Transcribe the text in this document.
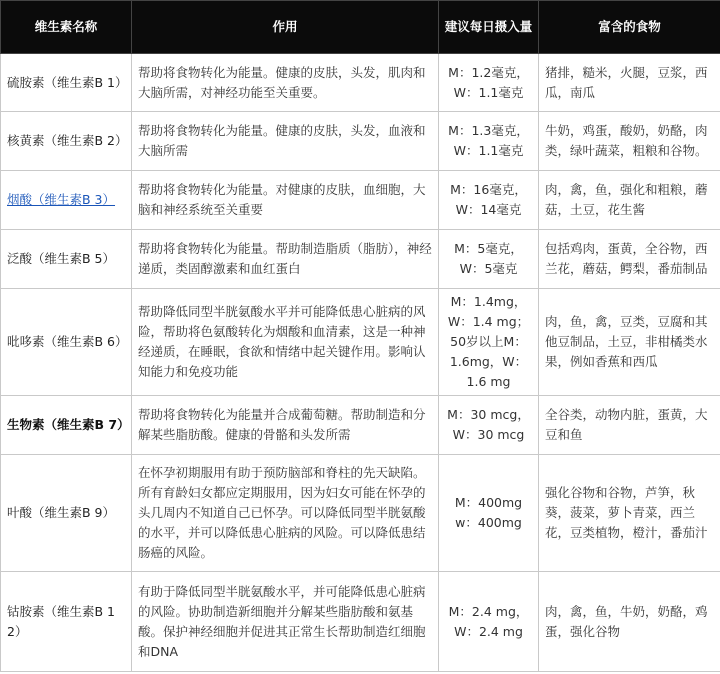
维生素名称	作用	建议每日摄入量	富含的食物
硫胺素（维生素B 1）	帮助将食物转化为能量。健康的皮肤，头发，肌肉和大脑所需，对神经功能至关重要。	M：1.2毫克，W：1.1毫克	猪排，糙米，火腿，豆浆，西瓜，南瓜
核黄素（维生素B 2）	帮助将食物转化为能量。健康的皮肤，头发，血液和大脑所需	M：1.3毫克，W：1.1毫克	牛奶，鸡蛋，酸奶，奶酪，肉类，绿叶蔬菜，粗粮和谷物。
烟酸（维生素B 3）	帮助将食物转化为能量。对健康的皮肤，血细胞，大脑和神经系统至关重要	M：16毫克，W：14毫克	肉，禽，鱼，强化和粗粮，蘑菇，土豆，花生酱
泛酸（维生素B 5）	帮助将食物转化为能量。帮助制造脂质（脂肪），神经递质，类固醇激素和血红蛋白	M：5毫克，W：5毫克	包括鸡肉，蛋黄，全谷物，西兰花，蘑菇，鳄梨，番茄制品
吡哆素（维生素B 6）	帮助降低同型半胱氨酸水平并可能降低患心脏病的风险，帮助将色氨酸转化为烟酸和血清素，这是一种神经递质，在睡眠，食欲和情绪中起关键作用。影响认知能力和免疫功能	M：1.4mg，W：1.4 mg；50岁以上M：1.6mg，W：1.6 mg	肉，鱼，禽，豆类，豆腐和其他豆制品，土豆，非柑橘类水果，例如香蕉和西瓜
生物素（维生素B 7）	帮助将食物转化为能量并合成葡萄糖。帮助制造和分解某些脂肪酸。健康的骨骼和头发所需	M：30 mcg，W：30 mcg	全谷类，动物内脏，蛋黄，大豆和鱼
叶酸（维生素B 9）	在怀孕初期服用有助于预防脑部和脊柱的先天缺陷。所有育龄妇女都应定期服用，因为妇女可能在怀孕的头几周内不知道自己已怀孕。可以降低同型半胱氨酸的水平，并可以降低患心脏病的风险。可以降低患结肠癌的风险。	M：400mg w：400mg	强化谷物和谷物，芦笋，秋葵，菠菜，萝卜青菜，西兰花，豆类植物，橙汁，番茄汁
钴胺素（维生素B 12）	有助于降低同型半胱氨酸水平，并可能降低患心脏病的风险。协助制造新细胞并分解某些脂肪酸和氨基酸。保护神经细胞并促进其正常生长帮助制造红细胞和DNA	M：2.4 mg，W：2.4 mg	肉，禽，鱼，牛奶，奶酪，鸡蛋，强化谷物
